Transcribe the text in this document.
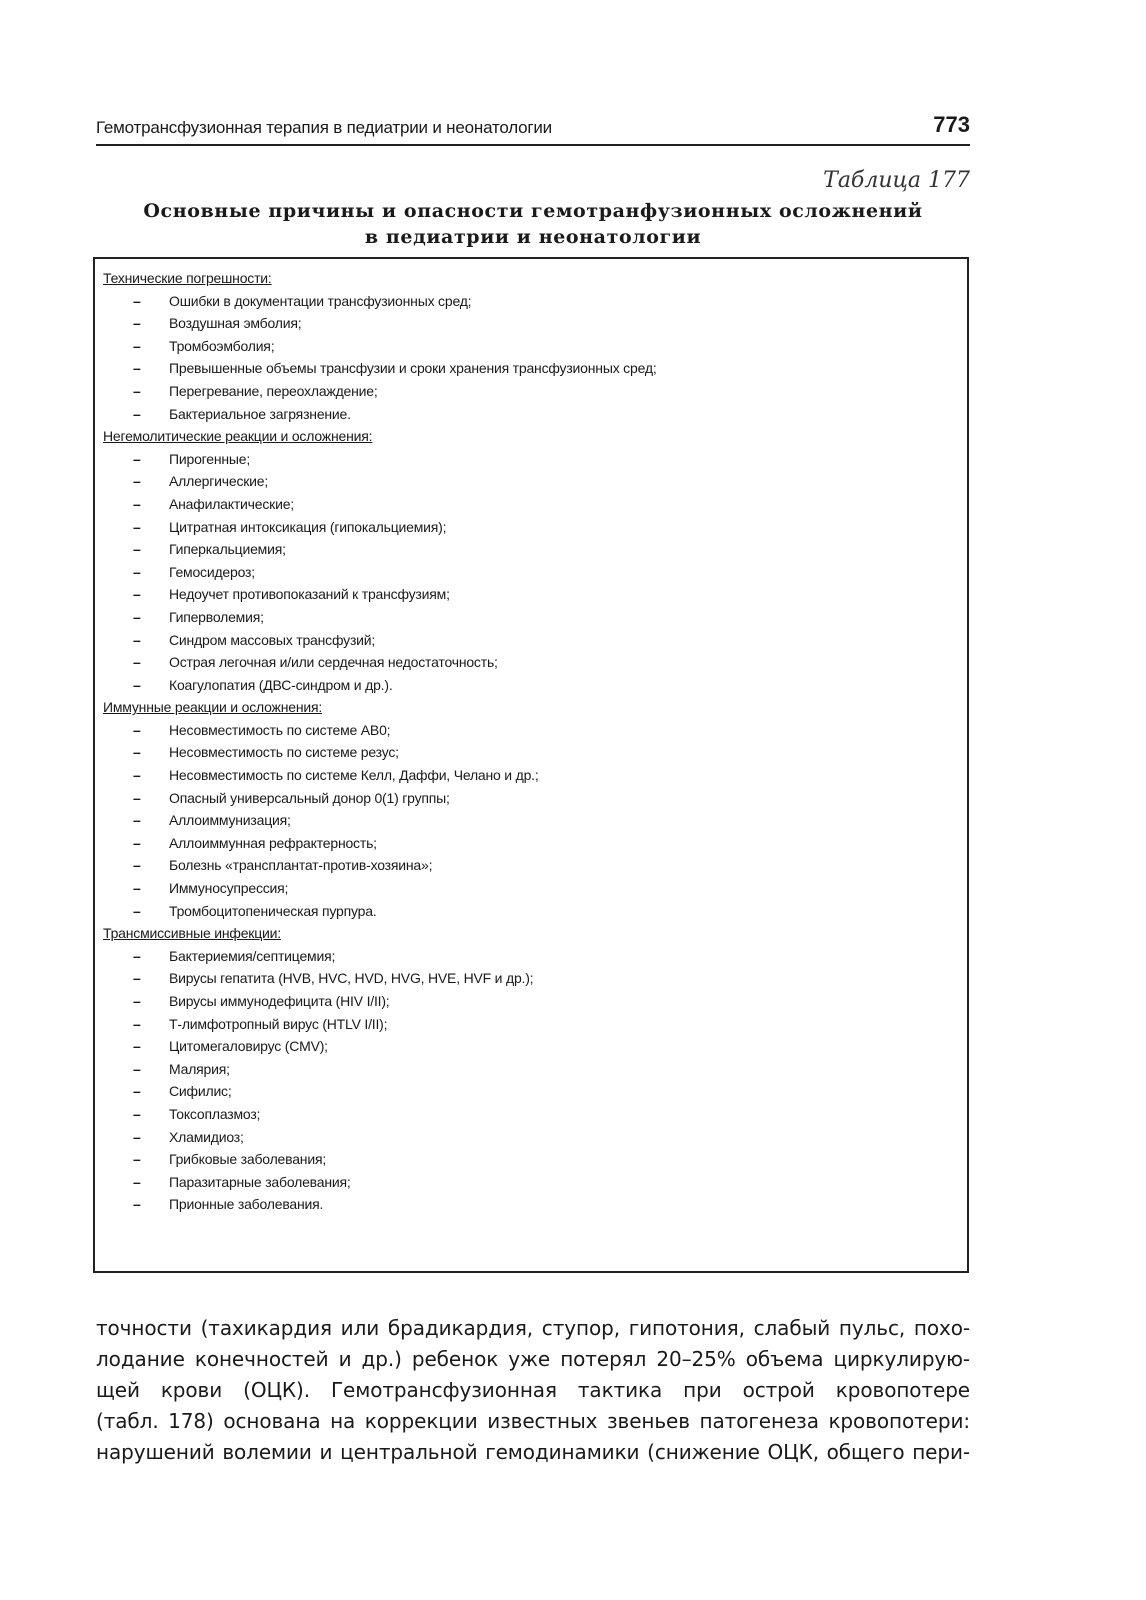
Гемотрансфузионная терапия в педиатрии и неонатологии	773
Таблица 177
Основные причины и опасности гемотранфузионных осложнений
в педиатрии и неонатологии
Технические погрешности:
– Ошибки в документации трансфузионных сред;
– Воздушная эмболия;
– Тромбоэмболия;
– Превышенные объемы трансфузии и сроки хранения трансфузионных сред;
– Перегревание, переохлаждение;
– Бактериальное загрязнение.
Негемолитические реакции и осложнения:
– Пирогенные;
– Аллергические;
– Анафилактические;
– Цитратная интоксикация (гипокальциемия);
– Гиперкальциемия;
– Гемосидероз;
– Недоучет противопоказаний к трансфузиям;
– Гиперволемия;
– Синдром массовых трансфузий;
– Острая легочная и/или сердечная недостаточность;
– Коагулопатия (ДВС-синдром и др.).
Иммунные реакции и осложнения:
– Несовместимость по системе АВ0;
– Несовместимость по системе резус;
– Несовместимость по системе Келл, Даффи, Челано и др.;
– Опасный универсальный донор 0(1) группы;
– Аллоиммунизация;
– Аллоиммунная рефрактерность;
– Болезнь «трансплантат-против-хозяина»;
– Иммуносупрессия;
– Тромбоцитопеническая пурпура.
Трансмиссивные инфекции:
– Бактериемия/септицемия;
– Вирусы гепатита (HVB, HVC, HVD, HVG, HVE, HVF и др.);
– Вирусы иммунодефицита (HIV I/II);
– Т-лимфотропный вирус (HTLV I/II);
– Цитомегаловирус (CMV);
– Малярия;
– Сифилис;
– Токсоплазмоз;
– Хламидиоз;
– Грибковые заболевания;
– Паразитарные заболевания;
– Прионные заболевания.
точности (тахикардия или брадикардия, ступор, гипотония, слабый пульс, похо-
лодание конечностей и др.) ребенок уже потерял 20–25% объема циркулирую-
щей крови (ОЦК). Гемотрансфузионная тактика при острой кровопотере
(табл. 178) основана на коррекции известных звеньев патогенеза кровопотери:
нарушений волемии и центральной гемодинамики (снижение ОЦК, общего пери-
